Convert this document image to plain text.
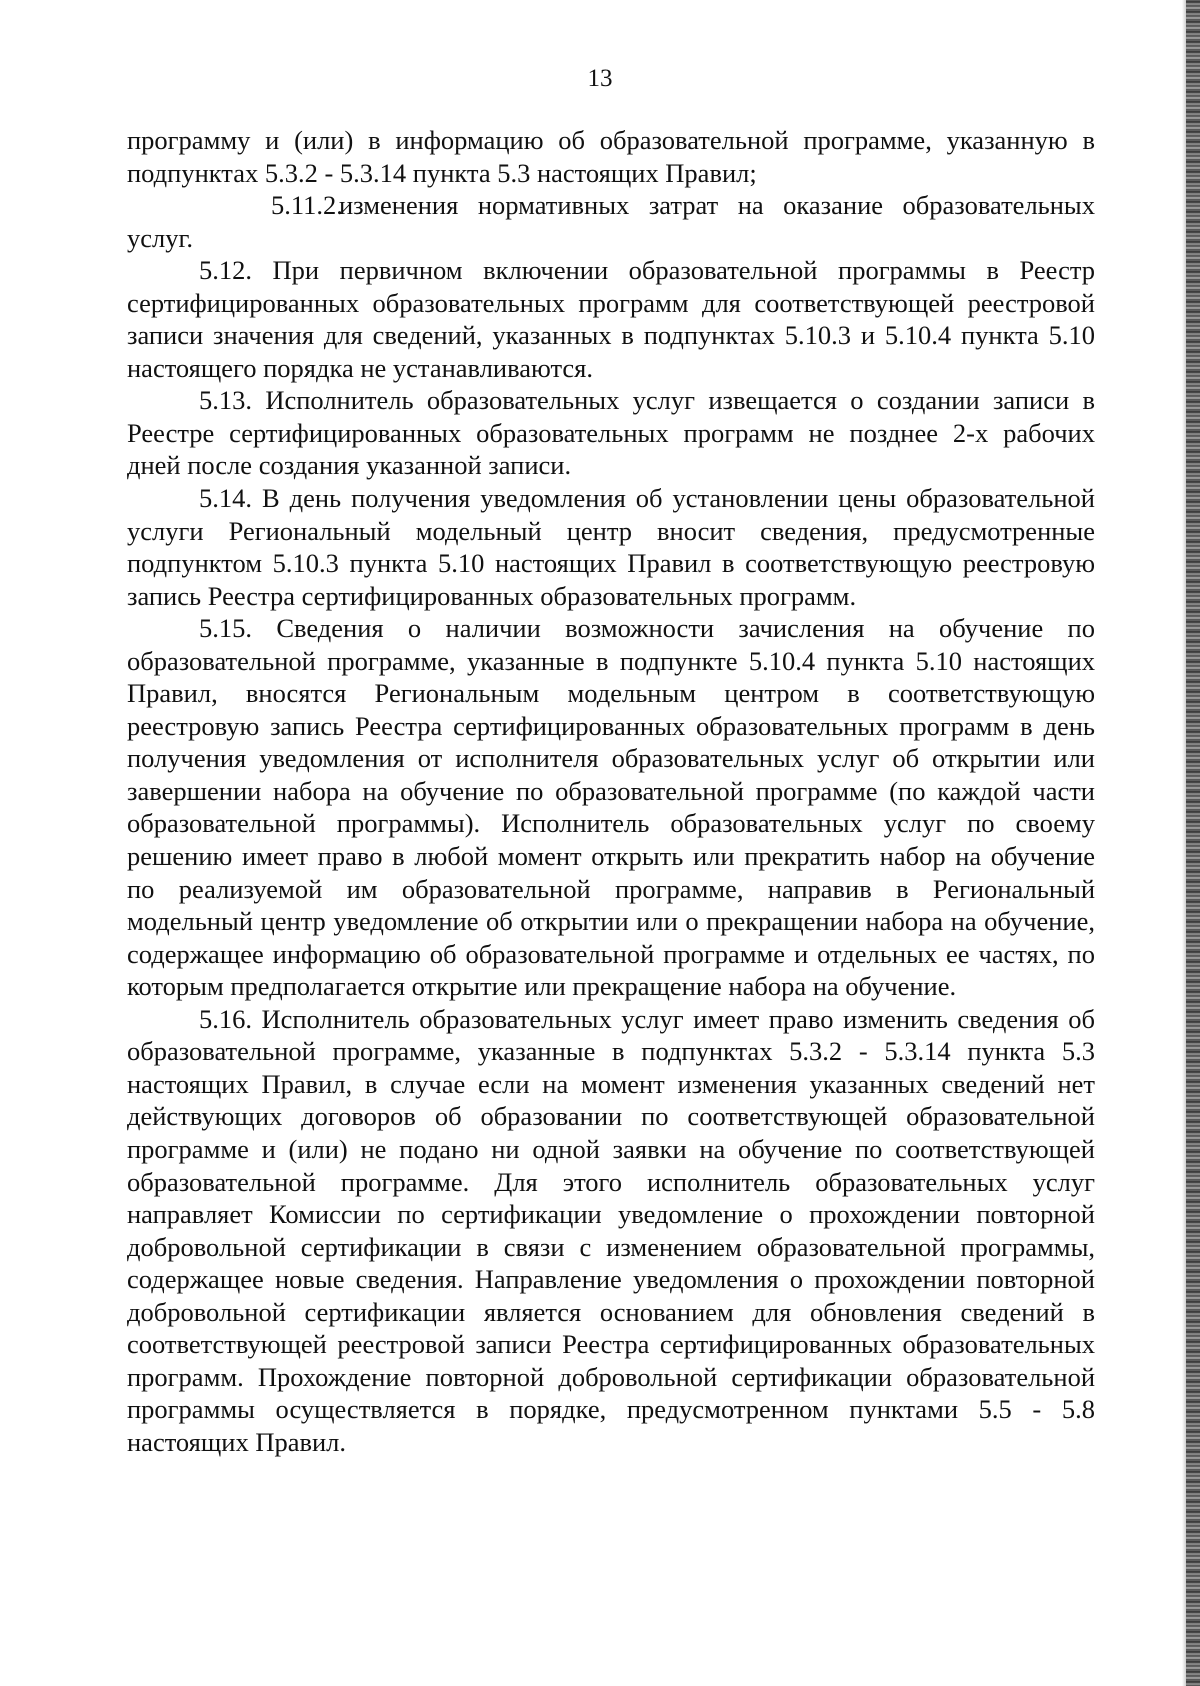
13

программу и (или) в информацию об образовательной программе, указанную в подпунктах 5.3.2 - 5.3.14 пункта 5.3 настоящих Правил;

5.11.2.изменения нормативных затрат на оказание образовательных услуг.

5.12. При первичном включении образовательной программы в Реестр сертифицированных образовательных программ для соответствующей реестровой записи значения для сведений, указанных в подпунктах 5.10.3 и 5.10.4 пункта 5.10 настоящего порядка не устанавливаются.

5.13. Исполнитель образовательных услуг извещается о создании записи в Реестре сертифицированных образовательных программ не позднее 2-х рабочих дней после создания указанной записи.

5.14. В день получения уведомления об установлении цены образовательной услуги Региональный модельный центр вносит сведения, предусмотренные подпунктом 5.10.3 пункта 5.10 настоящих Правил в соответствующую реестровую запись Реестра сертифицированных образовательных программ.

5.15. Сведения о наличии возможности зачисления на обучение по образовательной программе, указанные в подпункте 5.10.4 пункта 5.10 настоящих Правил, вносятся Региональным модельным центром в соответствующую реестровую запись Реестра сертифицированных образовательных программ в день получения уведомления от исполнителя образовательных услуг об открытии или завершении набора на обучение по образовательной программе (по каждой части образовательной программы). Исполнитель образовательных услуг по своему решению имеет право в любой момент открыть или прекратить набор на обучение по реализуемой им образовательной программе, направив в Региональный модельный центр уведомление об открытии или о прекращении набора на обучение, содержащее информацию об образовательной программе и отдельных ее частях, по которым предполагается открытие или прекращение набора на обучение.

5.16. Исполнитель образовательных услуг имеет право изменить сведения об образовательной программе, указанные в подпунктах 5.3.2 - 5.3.14 пункта 5.3 настоящих Правил, в случае если на момент изменения указанных сведений нет действующих договоров об образовании по соответствующей образовательной программе и (или) не подано ни одной заявки на обучение по соответствующей образовательной программе. Для этого исполнитель образовательных услуг направляет Комиссии по сертификации уведомление о прохождении повторной добровольной сертификации в связи с изменением образовательной программы, содержащее новые сведения. Направление уведомления о прохождении повторной добровольной сертификации является основанием для обновления сведений в соответствующей реестровой записи Реестра сертифицированных образовательных программ. Прохождение повторной добровольной сертификации образовательной программы осуществляется в порядке, предусмотренном пунктами 5.5 - 5.8 настоящих Правил.
